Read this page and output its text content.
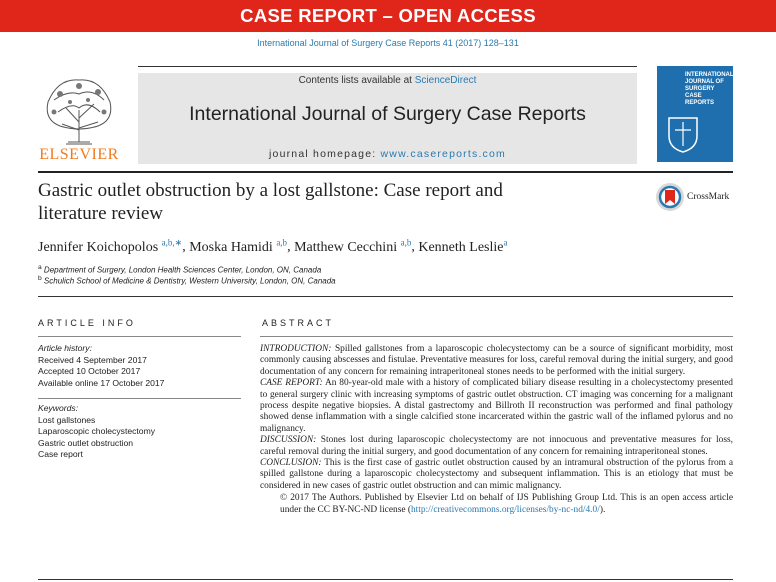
CASE REPORT – OPEN ACCESS
International Journal of Surgery Case Reports 41 (2017) 128–131
ELSEVIER
Contents lists available at ScienceDirect
International Journal of Surgery Case Reports
journal homepage: www.casereports.com
INTERNATIONAL JOURNAL OF SURGERY CASE REPORTS
Gastric outlet obstruction by a lost gallstone: Case report and
literature review
CrossMark
Jennifer Koichopolos $^{a,b,∗}$, Moska Hamidi $^{a,b}$, Matthew Cecchini $^{a,b}$, Kenneth Leslie$^a$
$^a$ Department of Surgery, London Health Sciences Center, London, ON, Canada
$^b$ Schulich School of Medicine & Dentistry, Western University, London, ON, Canada
ARTICLE INFO	ABSTRACT
Article history:
Received 4 September 2017
Accepted 10 October 2017
Available online 17 October 2017
Keywords:
Lost gallstones
Laparoscopic cholecystectomy
Gastric outlet obstruction
Case report

INTRODUCTION: Spilled gallstones from a laparoscopic cholecystectomy can be a source of significant morbidity, most commonly causing abscesses and fistulae. Preventative measures for loss, careful removal during the initial surgery, and good documentation of any concern for remaining intraperitoneal stones needs to be performed with the initial surgery.

CASE REPORT: An 80-year-old male with a history of complicated biliary disease resulting in a cholecystectomy presented to general surgery clinic with increasing symptoms of gastric outlet obstruction. CT imaging was concerning for a malignant process despite negative biopsies. A distal gastrectomy and Billroth II reconstruction was performed and final pathology showed dense inflammation with a single calcified stone incarcerated within the gastric wall of the inflamed pylorus and no malignancy.

DISCUSSION: Stones lost during laparoscopic cholecystectomy are not innocuous and preventative measures for loss, careful removal during the initial surgery, and good documentation of any concern for remaining intraperitoneal stones.

CONCLUSION: This is the first case of gastric outlet obstruction caused by an intramural obstruction of the pylorus from a spilled gallstone during a laparoscopic cholecystectomy and subsequent inflammation. This is an etiology that must be considered in new cases of gastric outlet obstruction and can mimic malignancy.

© 2017 The Authors. Published by Elsevier Ltd on behalf of IJS Publishing Group Ltd. This is an open access article under the CC BY-NC-ND license (http://creativecommons.org/licenses/by-nc-nd/4.0/).
